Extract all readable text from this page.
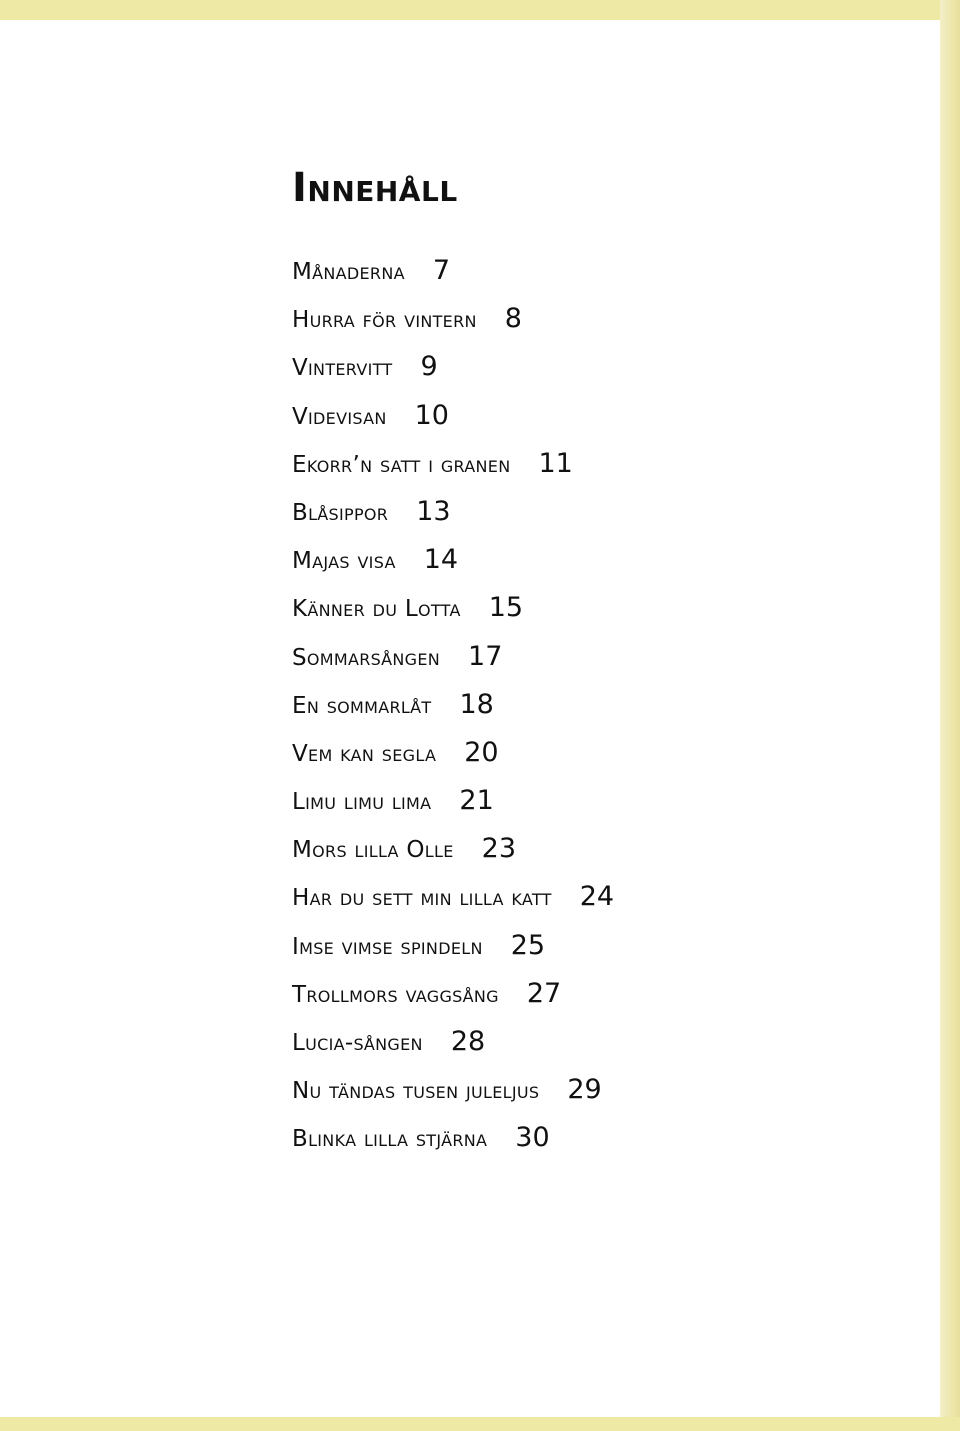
Innehåll
Månaderna 7
Hurra för vintern 8
Vintervitt 9
Videvisan 10
Ekorr’n satt i granen 11
Blåsippor 13
Majas visa 14
Känner du Lotta 15
Sommarsången 17
En sommarlåt 18
Vem kan segla 20
Limu limu lima 21
Mors lilla Olle 23
Har du sett min lilla katt 24
Imse vimse spindeln 25
Trollmors vaggsång 27
Lucia-sången 28
Nu tändas tusen juleljus 29
Blinka lilla stjärna 30
